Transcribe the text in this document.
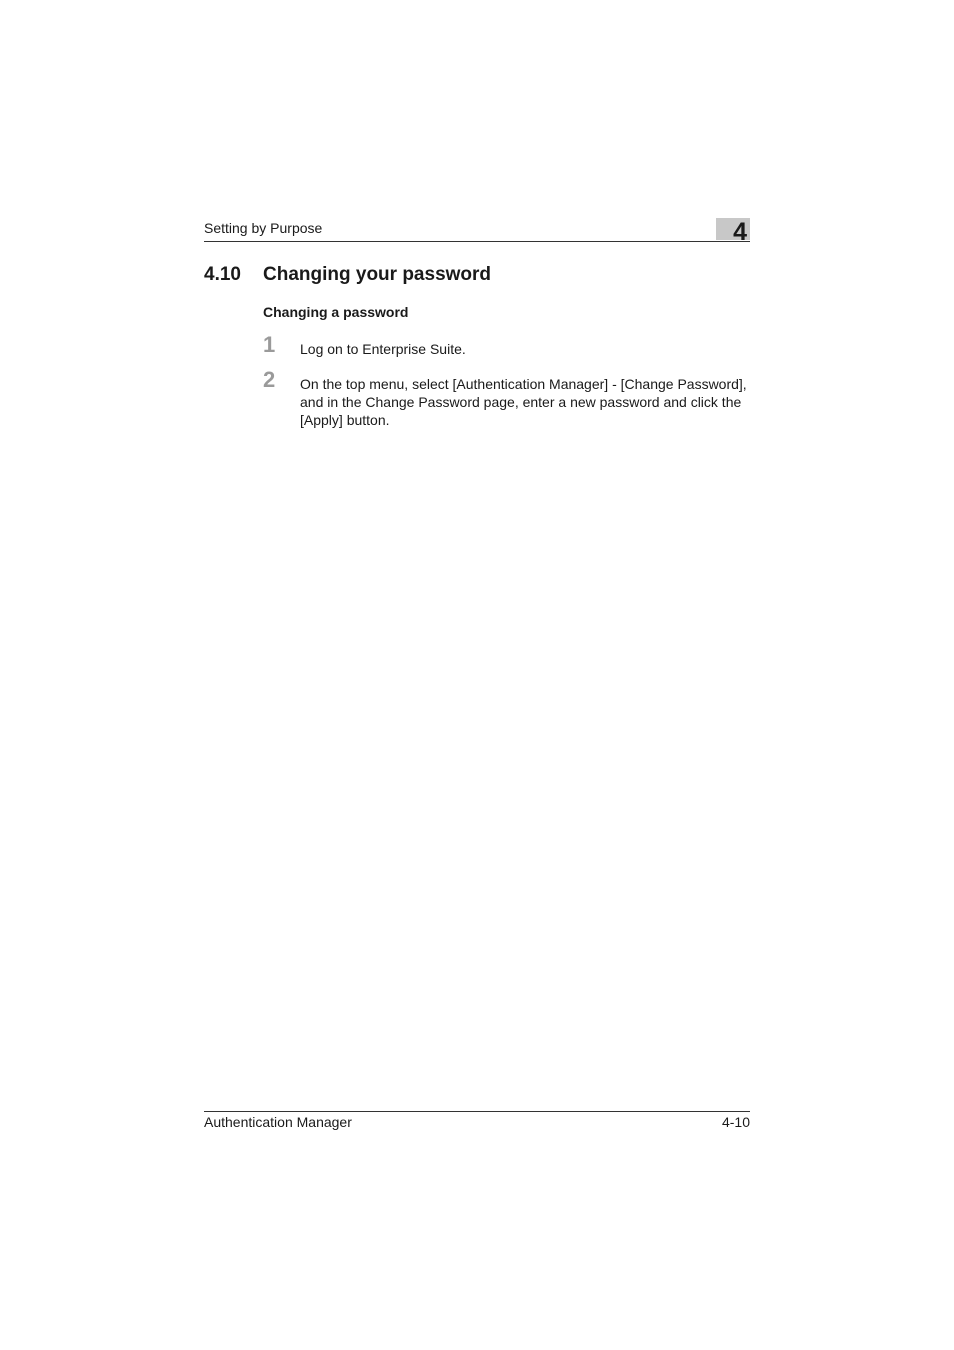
Setting by Purpose	4
4.10 Changing your password
Changing a password
1 Log on to Enterprise Suite.
2 On the top menu, select [Authentication Manager] - [Change Password], and in the Change Password page, enter a new password and click the [Apply] button.
Authentication Manager	4-10
